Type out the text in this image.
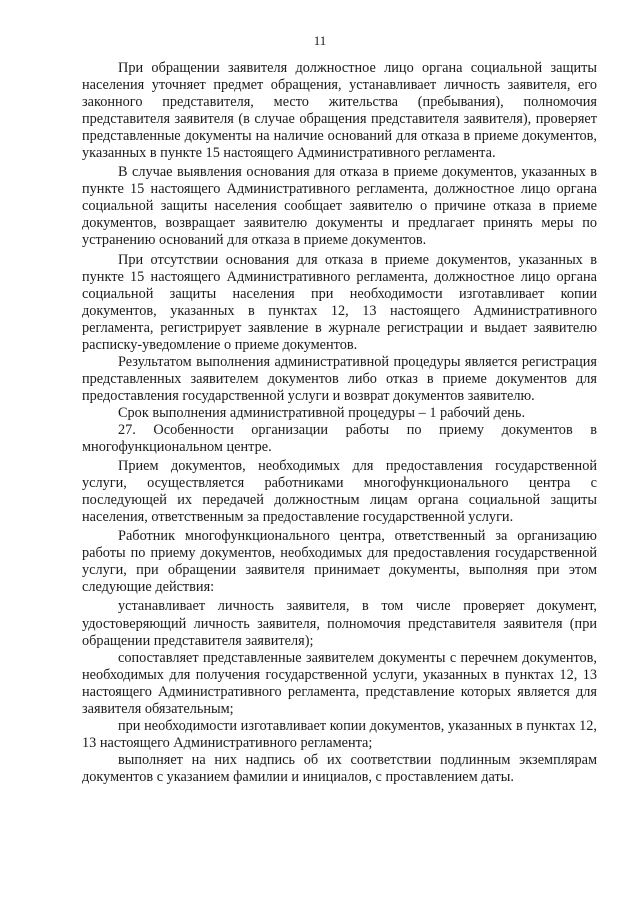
11

При обращении заявителя должностное лицо органа социальной защиты населения уточняет предмет обращения, устанавливает личность заявителя, его законного представителя, место жительства (пребывания), полномочия представителя заявителя (в случае обращения представителя заявителя), проверяет представленные документы на наличие оснований для отказа в приеме документов, указанных в пункте 15 настоящего Административного регламента.

В случае выявления основания для отказа в приеме документов, указанных в пункте 15 настоящего Административного регламента, должностное лицо органа социальной защиты населения сообщает заявителю о причине отказа в приеме документов, возвращает заявителю документы и предлагает принять меры по устранению оснований для отказа в приеме документов.

При отсутствии основания для отказа в приеме документов, указанных в пункте 15 настоящего Административного регламента, должностное лицо органа социальной защиты населения при необходимости изготавливает копии документов, указанных в пунктах 12, 13 настоящего Административного регламента, регистрирует заявление в журнале регистрации и выдает заявителю расписку-уведомление о приеме документов.

Результатом выполнения административной процедуры является регистрация представленных заявителем документов либо отказ в приеме документов для предоставления государственной услуги и возврат документов заявителю.

Срок выполнения административной процедуры – 1 рабочий день.

27. Особенности организации работы по приему документов в многофункциональном центре.

Прием документов, необходимых для предоставления государственной услуги, осуществляется работниками многофункционального центра с последующей их передачей должностным лицам органа социальной защиты населения, ответственным за предоставление государственной услуги.

Работник многофункционального центра, ответственный за организацию работы по приему документов, необходимых для предоставления государственной услуги, при обращении заявителя принимает документы, выполняя при этом следующие действия:

устанавливает личность заявителя, в том числе проверяет документ, удостоверяющий личность заявителя, полномочия представителя заявителя (при обращении представителя заявителя);

сопоставляет представленные заявителем документы с перечнем документов, необходимых для получения государственной услуги, указанных в пунктах 12, 13 настоящего Административного регламента, представление которых является для заявителя обязательным;

при необходимости изготавливает копии документов, указанных в пунктах 12, 13 настоящего Административного регламента;

выполняет на них надпись об их соответствии подлинным экземплярам документов с указанием фамилии и инициалов, с проставлением даты.
